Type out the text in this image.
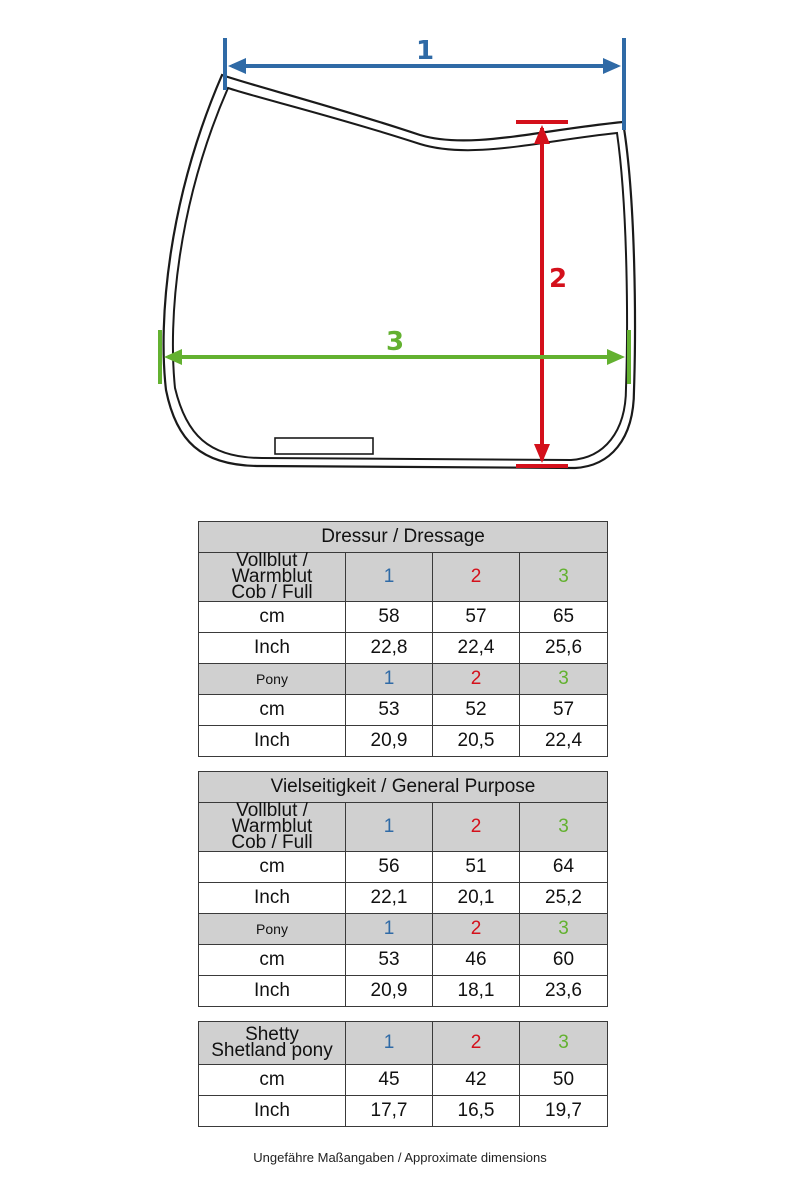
1
2
3
Dressur / Dressage			
Vollblut / Warmblut
Cob / Full	1	2	3
cm	58	57	65
Inch	22,8	22,4	25,6
Pony	1	2	3
cm	53	52	57
Inch	20,9	20,5	22,4
Vielseitigkeit / General Purpose			
Vollblut / Warmblut
Cob / Full	1	2	3
cm	56	51	64
Inch	22,1	20,1	25,2
Pony	1	2	3
cm	53	46	60
Inch	20,9	18,1	23,6
Shetty
Shetland pony	1	2	3
cm	45	42	50
Inch	17,7	16,5	19,7
Ungefähre Maßangaben / Approximate dimensions
